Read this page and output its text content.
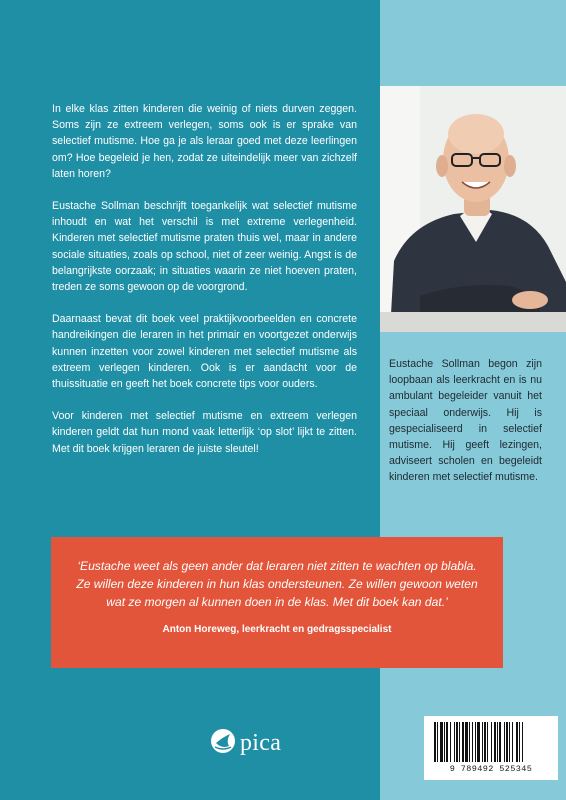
In elke klas zitten kinderen die weinig of niets durven zeggen. Soms zijn ze extreem verlegen, soms ook is er sprake van selectief mutisme. Hoe ga je als leraar goed met deze leerlingen om? Hoe begeleid je hen, zodat ze uiteindelijk meer van zichzelf laten horen?

Eustache Sollman beschrijft toegankelijk wat selectief mutisme inhoudt en wat het verschil is met extreme verlegenheid. Kinderen met selectief mutisme praten thuis wel, maar in andere sociale situaties, zoals op school, niet of zeer weinig. Angst is de belangrijkste oorzaak; in situaties waarin ze niet hoeven praten, treden ze soms gewoon op de voorgrond.

Daarnaast bevat dit boek veel praktijkvoorbeelden en concrete handreikingen die leraren in het primair en voortgezet onderwijs kunnen inzetten voor zowel kinderen met selectief mutisme als extreem verlegen kinderen. Ook is er aandacht voor de thuissituatie en geeft het boek concrete tips voor ouders.

Voor kinderen met selectief mutisme en extreem verlegen kinderen geldt dat hun mond vaak letterlijk ‘op slot’ lijkt te zitten. Met dit boek krijgen leraren de juiste sleutel!

Eustache Sollman begon zijn loopbaan als leerkracht en is nu ambulant begeleider vanuit het speciaal onderwijs. Hij is gespecialiseerd in selectief mutisme. Hij geeft lezingen, adviseert scholen en begeleidt kinderen met selectief mutisme.
‘Eustache weet als geen ander dat leraren niet zitten te wachten op blabla. Ze willen deze kinderen in hun klas ondersteunen. Ze willen gewoon weten wat ze morgen al kunnen doen in de klas. Met dit boek kan dat.’
Anton Horeweg, leerkracht en gedragsspecialist
pica
9 789492 525345
